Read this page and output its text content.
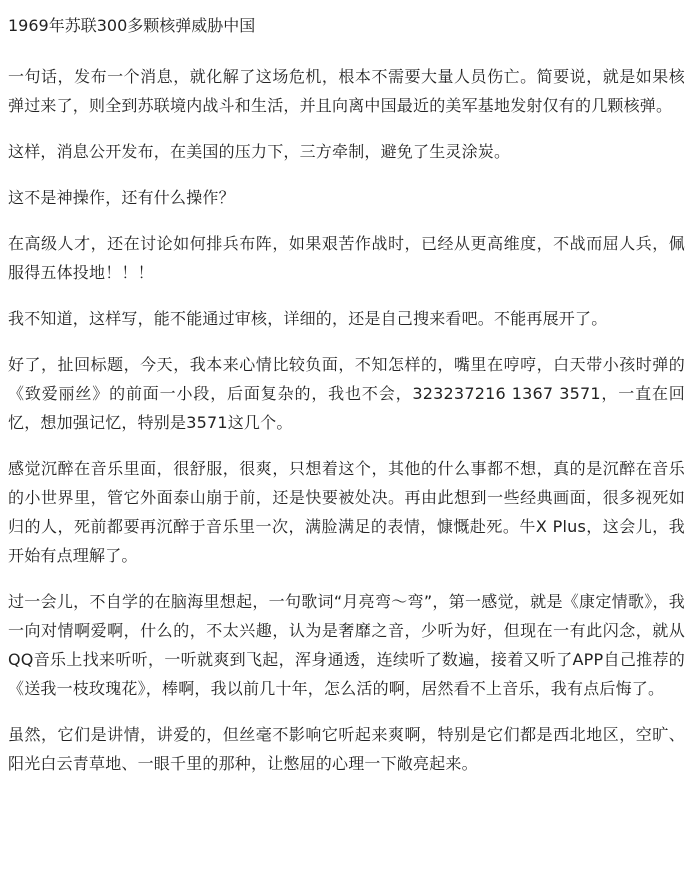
1969年苏联300多颗核弹威胁中国

一句话，发布一个消息，就化解了这场危机，根本不需要大量人员伤亡。简要说，就是如果核弹过来了，则全到苏联境内战斗和生活，并且向离中国最近的美军基地发射仅有的几颗核弹。

这样，消息公开发布，在美国的压力下，三方牵制，避免了生灵涂炭。

这不是神操作，还有什么操作？

在高级人才，还在讨论如何排兵布阵，如果艰苦作战时，已经从更高维度，不战而屈人兵，佩服得五体投地！！！

我不知道，这样写，能不能通过审核，详细的，还是自己搜来看吧。不能再展开了。

好了，扯回标题，今天，我本来心情比较负面，不知怎样的，嘴里在哼哼，白天带小孩时弹的《致爱丽丝》的前面一小段，后面复杂的，我也不会，323237216 1367 3571，一直在回忆，想加强记忆，特别是3571这几个。

感觉沉醉在音乐里面，很舒服，很爽，只想着这个，其他的什么事都不想，真的是沉醉在音乐的小世界里，管它外面泰山崩于前，还是快要被处决。再由此想到一些经典画面，很多视死如归的人，死前都要再沉醉于音乐里一次，满脸满足的表情，慷慨赴死。牛X Plus，这会儿，我开始有点理解了。

过一会儿，不自学的在脑海里想起，一句歌词“月亮弯～弯”，第一感觉，就是《康定情歌》，我一向对情啊爱啊，什么的，不太兴趣，认为是奢靡之音，少听为好，但现在一有此闪念，就从QQ音乐上找来听听，一听就爽到飞起，浑身通透，连续听了数遍，接着又听了APP自己推荐的《送我一枝玫瑰花》，棒啊，我以前几十年，怎么活的啊，居然看不上音乐，我有点后悔了。

虽然，它们是讲情，讲爱的，但丝毫不影响它听起来爽啊，特别是它们都是西北地区，空旷、阳光白云青草地、一眼千里的那种，让憋屈的心理一下敞亮起来。
